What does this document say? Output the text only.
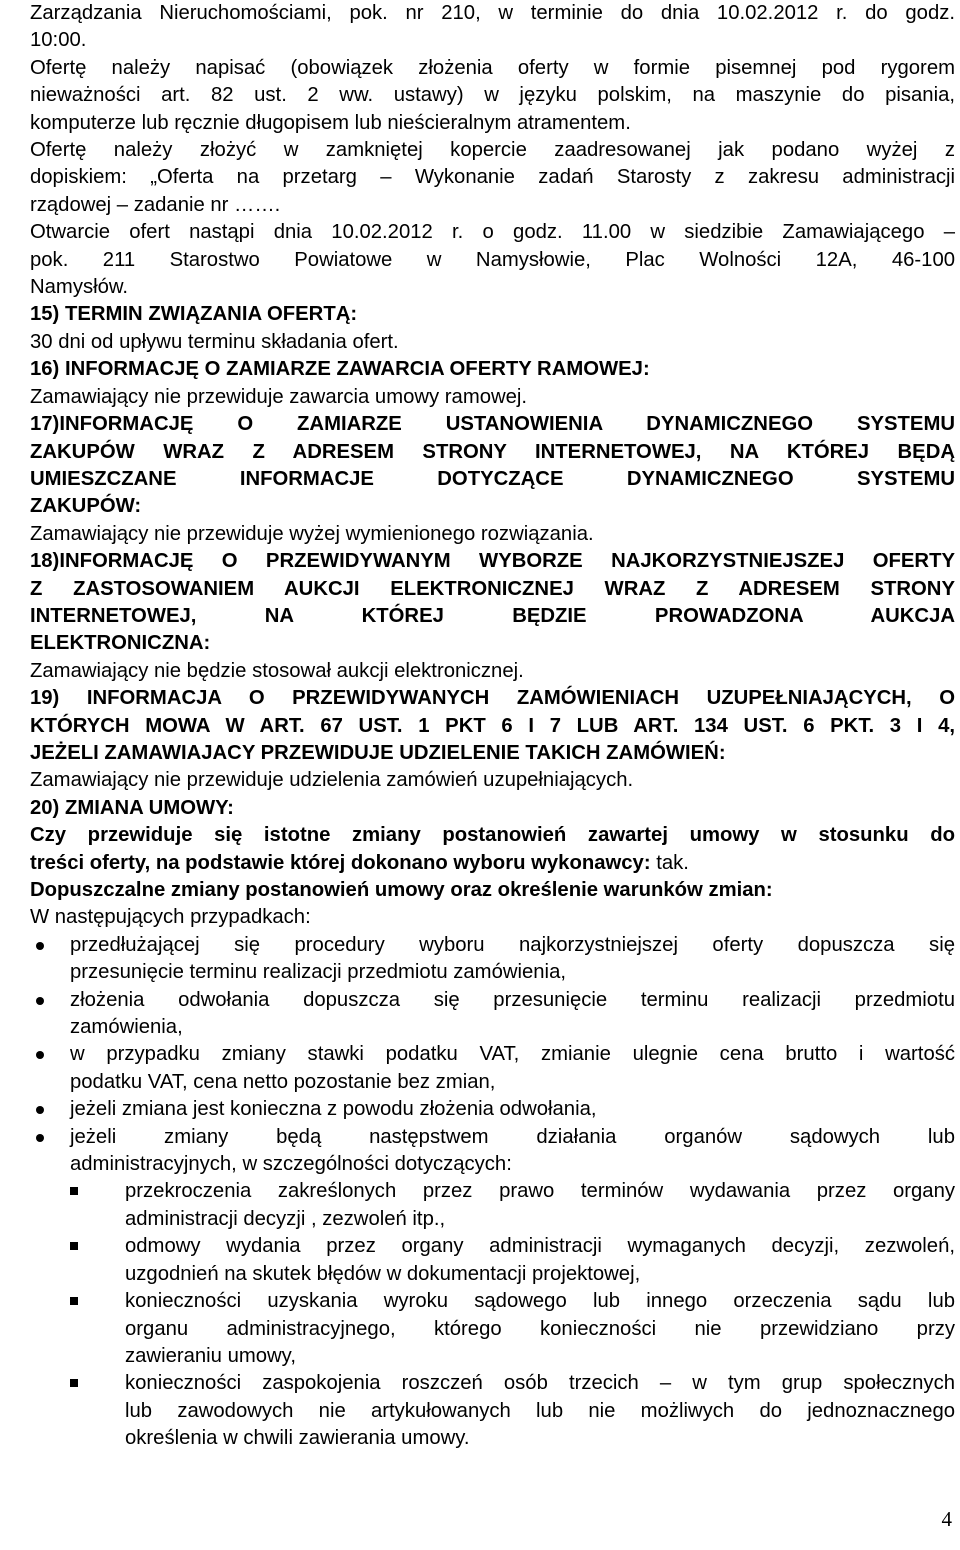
Zarządzania Nieruchomościami, pok. nr 210, w terminie do dnia 10.02.2012 r. do godz.

10:00.

Ofertę należy napisać (obowiązek złożenia oferty w formie pisemnej pod rygorem

nieważności art. 82 ust. 2 ww. ustawy) w języku polskim, na maszynie do pisania,

komputerze lub ręcznie długopisem lub nieścieralnym atramentem.

Ofertę należy złożyć w zamkniętej kopercie zaadresowanej jak podano wyżej z

dopiskiem: „Oferta na przetarg – Wykonanie zadań Starosty z zakresu administracji

rządowej – zadanie nr …….

Otwarcie ofert nastąpi dnia 10.02.2012 r. o godz. 11.00 w siedzibie Zamawiającego –

pok. 211 Starostwo Powiatowe w Namysłowie, Plac Wolności 12A, 46-100

Namysłów.

15) TERMIN ZWIĄZANIA OFERTĄ:

30 dni od upływu terminu składania ofert.

16) INFORMACJĘ O ZAMIARZE ZAWARCIA OFERTY RAMOWEJ:

Zamawiający nie przewiduje zawarcia umowy ramowej.

17)INFORMACJĘ O ZAMIARZE USTANOWIENIA DYNAMICZNEGO SYSTEMU

ZAKUPÓW WRAZ Z ADRESEM STRONY INTERNETOWEJ, NA KTÓREJ BĘDĄ

UMIESZCZANE INFORMACJE DOTYCZĄCE DYNAMICZNEGO SYSTEMU

ZAKUPÓW:

Zamawiający nie przewiduje wyżej wymienionego rozwiązania.

18)INFORMACJĘ O PRZEWIDYWANYM WYBORZE NAJKORZYSTNIEJSZEJ OFERTY

Z ZASTOSOWANIEM AUKCJI ELEKTRONICZNEJ WRAZ Z ADRESEM STRONY

INTERNETOWEJ, NA KTÓREJ BĘDZIE PROWADZONA AUKCJA

ELEKTRONICZNA:

Zamawiający nie będzie stosował aukcji elektronicznej.

19) INFORMACJA O PRZEWIDYWANYCH ZAMÓWIENIACH UZUPEŁNIAJĄCYCH, O

KTÓRYCH MOWA W ART. 67 UST. 1 PKT 6 I 7 LUB ART. 134 UST. 6 PKT. 3 I 4,

JEŻELI ZAMAWIAJACY PRZEWIDUJE UDZIELENIE TAKICH ZAMÓWIEŃ:

Zamawiający nie przewiduje udzielenia zamówień uzupełniających.

20) ZMIANA UMOWY:

Czy przewiduje się istotne zmiany postanowień zawartej umowy w stosunku do

treści oferty, na podstawie której dokonano wyboru wykonawcy: tak.

Dopuszczalne zmiany postanowień umowy oraz określenie warunków zmian:

W następujących przypadkach:

przedłużającej się procedury wyboru najkorzystniejszej oferty dopuszcza się

przesunięcie terminu realizacji przedmiotu zamówienia,

złożenia odwołania dopuszcza się przesunięcie terminu realizacji przedmiotu

zamówienia,

w przypadku zmiany stawki podatku VAT, zmianie ulegnie cena brutto i wartość

podatku VAT, cena netto pozostanie bez zmian,

jeżeli zmiana jest konieczna z powodu złożenia odwołania,

jeżeli zmiany będą następstwem działania organów sądowych lub

administracyjnych, w szczególności dotyczących:

przekroczenia zakreślonych przez prawo terminów wydawania przez organy

administracji decyzji , zezwoleń itp.,

odmowy wydania przez organy administracji wymaganych decyzji, zezwoleń,

uzgodnień na skutek błędów w dokumentacji projektowej,

konieczności uzyskania wyroku sądowego lub innego orzeczenia sądu lub

organu administracyjnego, którego konieczności nie przewidziano przy

zawieraniu umowy,

konieczności zaspokojenia roszczeń osób trzecich – w tym grup społecznych

lub zawodowych nie artykułowanych lub nie możliwych do jednoznacznego

określenia w chwili zawierania umowy.

4
